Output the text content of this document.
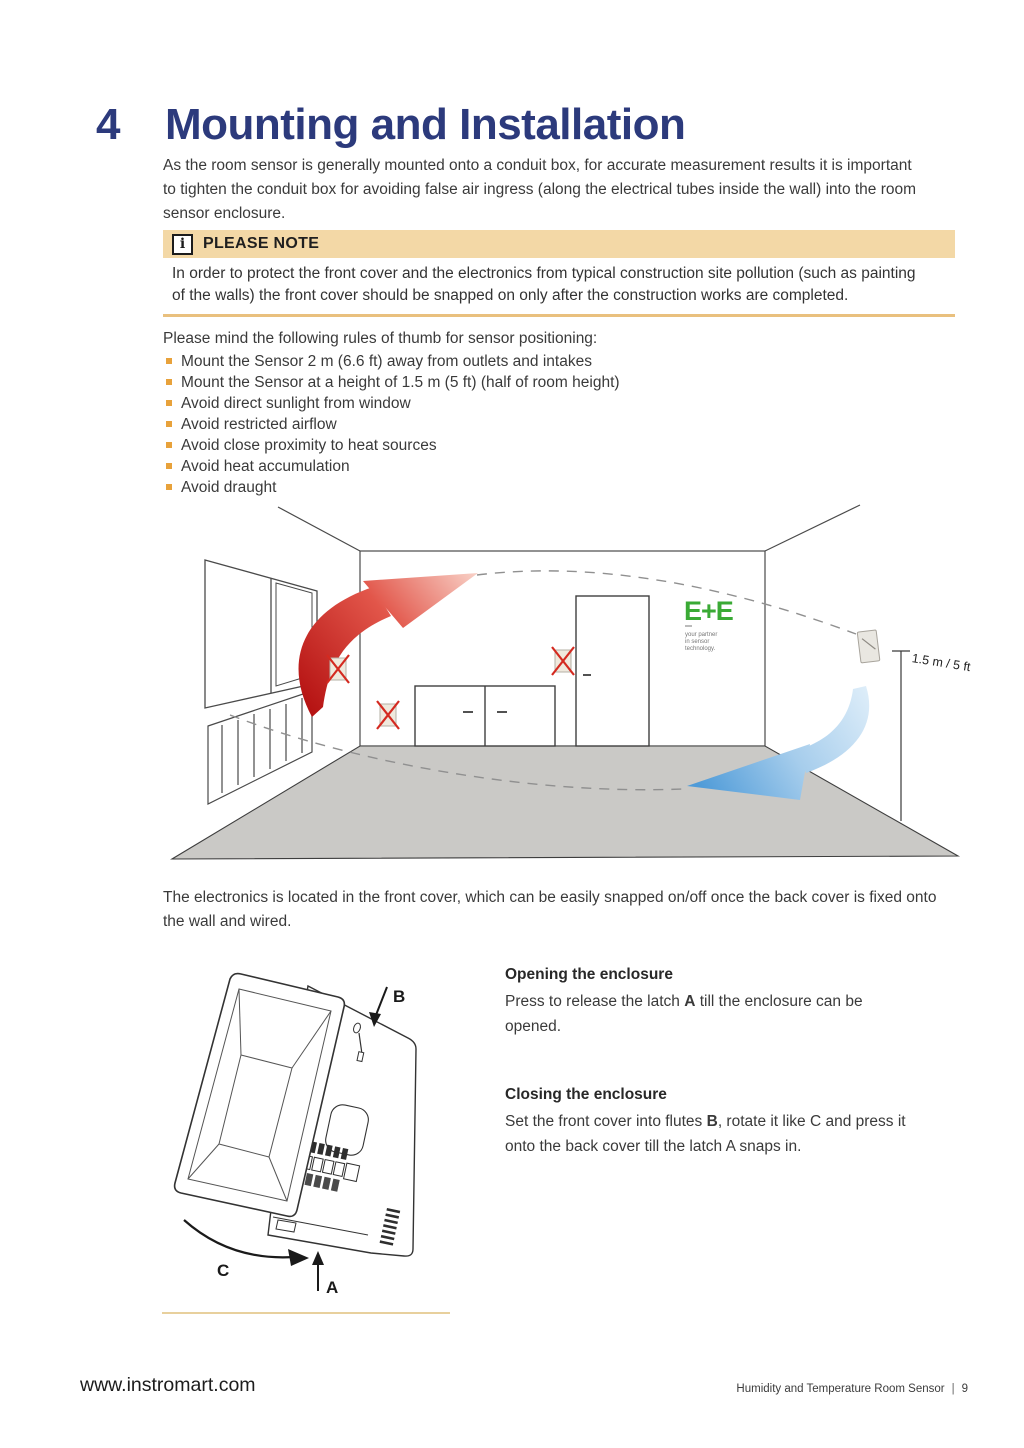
4 Mounting and Installation
As the room sensor is generally mounted onto a conduit box, for accurate measurement results it is important
to tighten the conduit box for avoiding false air ingress (along the electrical tubes inside the wall) into the room
sensor enclosure.
i	PLEASE NOTE
In order to protect the front cover and the electronics from typical construction site pollution (such as painting
of the walls) the front cover should be snapped on only after the construction works are completed.
Please mind the following rules of thumb for sensor positioning:
Mount the Sensor 2 m (6.6 ft) away from outlets and intakes
Mount the Sensor at a height of 1.5 m (5 ft) (half of room height)
Avoid direct sunlight from window
Avoid restricted airflow
Avoid close proximity to heat sources
Avoid heat accumulation
Avoid draught
E+E
your partner
in sensor
technology.
1.5 m / 5 ft
The electronics is located in the front cover, which can be easily snapped on/off once the back cover is fixed onto
the wall and wired.
B
C
A
Opening the enclosure
Press to release the latch A till the enclosure can be
opened.
Closing the enclosure
Set the front cover into flutes B, rotate it like C and press it
onto the back cover till the latch A snaps in.
www.instromart.com	Humidity and Temperature Room Sensor | 9
